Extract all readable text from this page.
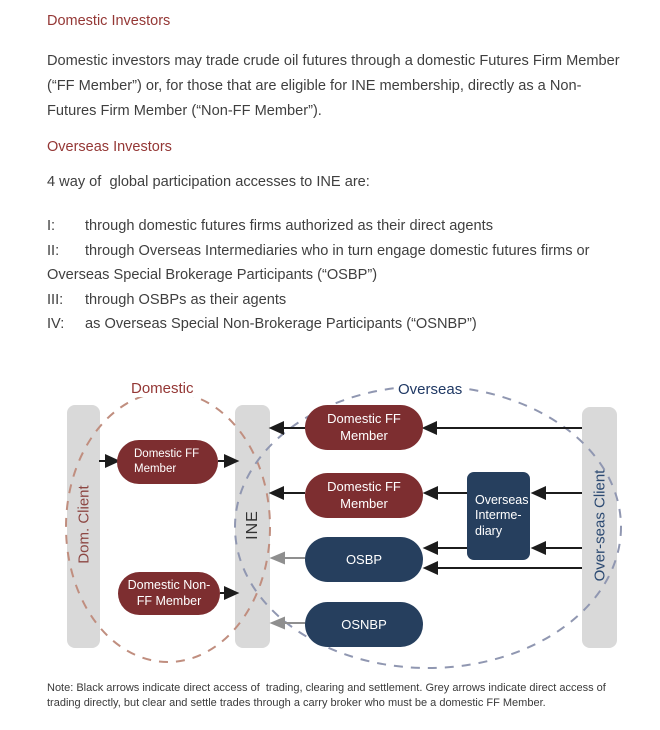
Domestic Investors

Domestic investors may trade crude oil futures through a domestic Futures Firm Member (“FF Member”) or, for those that are eligible for INE membership, directly as a Non-Futures Firm Member (“Non-FF Member”).

Overseas Investors

4 way of  global participation accesses to INE are:

I: through domestic futures firms authorized as their direct agents
II: through Overseas Intermediaries who in turn engage domestic futures firms or Overseas Special Brokerage Participants (“OSBP”)
III: through OSBPs as their agents
IV: as Overseas Special Non-Brokerage Participants (“OSNBP”)
Domestic	Overseas
Dom. Client	INE	Over-seas Client
Domestic FF
Member
Domestic Non-
FF Member
Domestic FF
Member
Domestic FF
Member
OSBP
OSNBP
Overseas
Interme-
diary
Note: Black arrows indicate direct access of  trading, clearing and settlement. Grey arrows indicate direct access of trading directly, but clear and settle trades through a carry broker who must be a domestic FF Member.
